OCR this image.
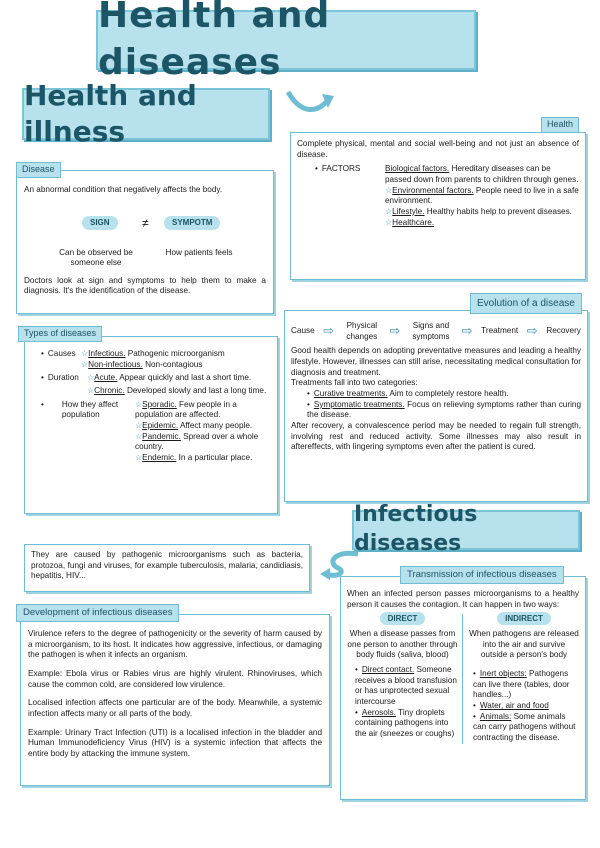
Health and diseases
Health and illness	Complete physical, mental and social well-being and not just an absence of disease.
• FACTORS	Biological factors. Hereditary diseases can be passed down from parents to children through genes.
☆Environmental factors. People need to live in a safe environment.
☆Lifestyle. Healthy habits help to prevent diseases.
☆Healthcare.
Health
An abnormal condition that negatively affects the body.
SIGN	≠	SYMPOTM
Can be observed be someone else
How patients feels
Doctors look at sign and symptoms to help them to make a diagnosis. It's the identification of the disease.
Disease
• Causes ☆Infectious. Pathogenic microorganism
☆Non-infectious. Non-contagious
• Duration	☆Acute. Appear quickly and last a short time.
☆Chronic. Developed slowly and last a long time.
•
How they affect population
☆Sporadic. Few people in a population are affected.
☆Epidemic. Affect many people.
☆Pandemic. Spread over a whole country.
☆Endemic. In a particular place.
Types of diseases	Cause ⇨	Physical changes ⇨	Signs and symptoms ⇨ Treatment ⇨ Recovery
Good health depends on adopting preventative measures and leading a healthy lifestyle. However, illnesses can still arise, necessitating medical consultation for diagnosis and treatment.
Treatments fall into two categories:
• Curative treatments. Aim to completely restore health.
• Symptomatic treatments. Focus on relieving symptoms rather than curing the disease.
After recovery, a convalescence period may be needed to regain full strength, involving rest and reduced activity. Some illnesses may also result in aftereffects, with lingering symptoms even after the patient is cured.
Evolution of a disease
Infectious diseases
They are caused by pathogenic microorganisms such as bacteria, protozoa, fungi and viruses, for example tuberculosis, malaria, candidiasis, hepatitis, HIV...
Virulence refers to the degree of pathogenicity or the severity of harm caused by a microorganism, to its host. It indicates how aggressive, infectious, or damaging the pathogen is when it infects an organism.
Example: Ebola virus or Rabies virus are highly virulent. Rhinoviruses, which cause the common cold, are considered low virulence.
Localised infection affects one particular are of the body. Meanwhile, a systemic infection affects many or all parts of the body.
Example: Urinary Tract Infection (UTI) is a localised infection in the bladder and Human Immunodeficiency Virus (HIV) is a systemic infection that affects the entire body by attacking the immune system.
Development of infectious diseases
When an infected person passes microorganisms to a healthy person it causes the contagion. It can happen in two ways:
DIRECT
When a disease passes from one person to another through body fluids (saliva, blood)
• Direct contact. Someone receives a blood transfusion or has unprotected sexual intercourse
• Aerosols. Tiny droplets containing pathogens into the air (sneezes or coughs)
INDIRECT
When pathogens are released into the air and survive outside a person's body
• Inert objects: Pathogens can live there (tables, door handles...)
• Water, air and food
• Animals: Some animals can carry pathogens without contracting the disease.
Transmission of infectious diseases
